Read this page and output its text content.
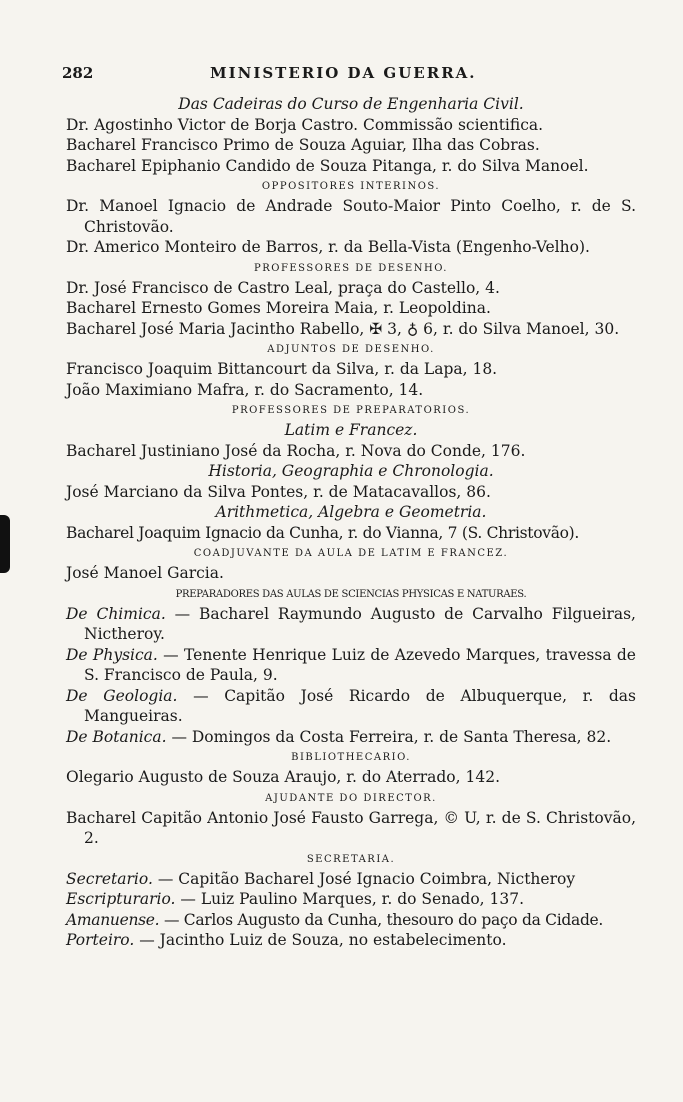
282	MINISTERIO DA GUERRA.

Das Cadeiras do Curso de Engenharia Civil.

Dr. Agostinho Victor de Borja Castro. Commissão scientifica.

Bacharel Francisco Primo de Souza Aguiar, Ilha das Cobras.

Bacharel Epiphanio Candido de Souza Pitanga, r. do Silva Manoel.

OPPOSITORES INTERINOS.

Dr. Manoel Ignacio de Andrade Souto-Maior Pinto Coelho, r. de S. Christovão.

Dr. Americo Monteiro de Barros, r. da Bella-Vista (Engenho-Velho).

PROFESSORES DE DESENHO.

Dr. José Francisco de Castro Leal, praça do Castello, 4.

Bacharel Ernesto Gomes Moreira Maia, r. Leopoldina.

Bacharel José Maria Jacintho Rabello, ✠ 3, ♁ 6, r. do Silva Manoel, 30.

ADJUNTOS DE DESENHO.

Francisco Joaquim Bittancourt da Silva, r. da Lapa, 18.

João Maximiano Mafra, r. do Sacramento, 14.

PROFESSORES DE PREPARATORIOS.

Latim e Francez.

Bacharel Justiniano José da Rocha, r. Nova do Conde, 176.

Historia, Geographia e Chronologia.

José Marciano da Silva Pontes, r. de Matacavallos, 86.

Arithmetica, Algebra e Geometria.

Bacharel Joaquim Ignacio da Cunha, r. do Vianna, 7 (S. Christovão).

COADJUVANTE DA AULA DE LATIM E FRANCEZ.

José Manoel Garcia.

PREPARADORES DAS AULAS DE SCIENCIAS PHYSICAS E NATURAES.

De Chimica. — Bacharel Raymundo Augusto de Carvalho Filgueiras, Nictheroy.

De Physica. — Tenente Henrique Luiz de Azevedo Marques, travessa de S. Francisco de Paula, 9.

De Geologia. — Capitão José Ricardo de Albuquerque, r. das Mangueiras.

De Botanica. — Domingos da Costa Ferreira, r. de Santa Theresa, 82.

BIBLIOTHECARIO.

Olegario Augusto de Souza Araujo, r. do Aterrado, 142.

AJUDANTE DO DIRECTOR.

Bacharel Capitão Antonio José Fausto Garrega, © U, r. de S. Christovão, 2.

SECRETARIA.

Secretario. — Capitão Bacharel José Ignacio Coimbra, Nictheroy

Escripturario. — Luiz Paulino Marques, r. do Senado, 137.

Amanuense. — Carlos Augusto da Cunha, thesouro do paço da Cidade.

Porteiro. — Jacintho Luiz de Souza, no estabelecimento.
